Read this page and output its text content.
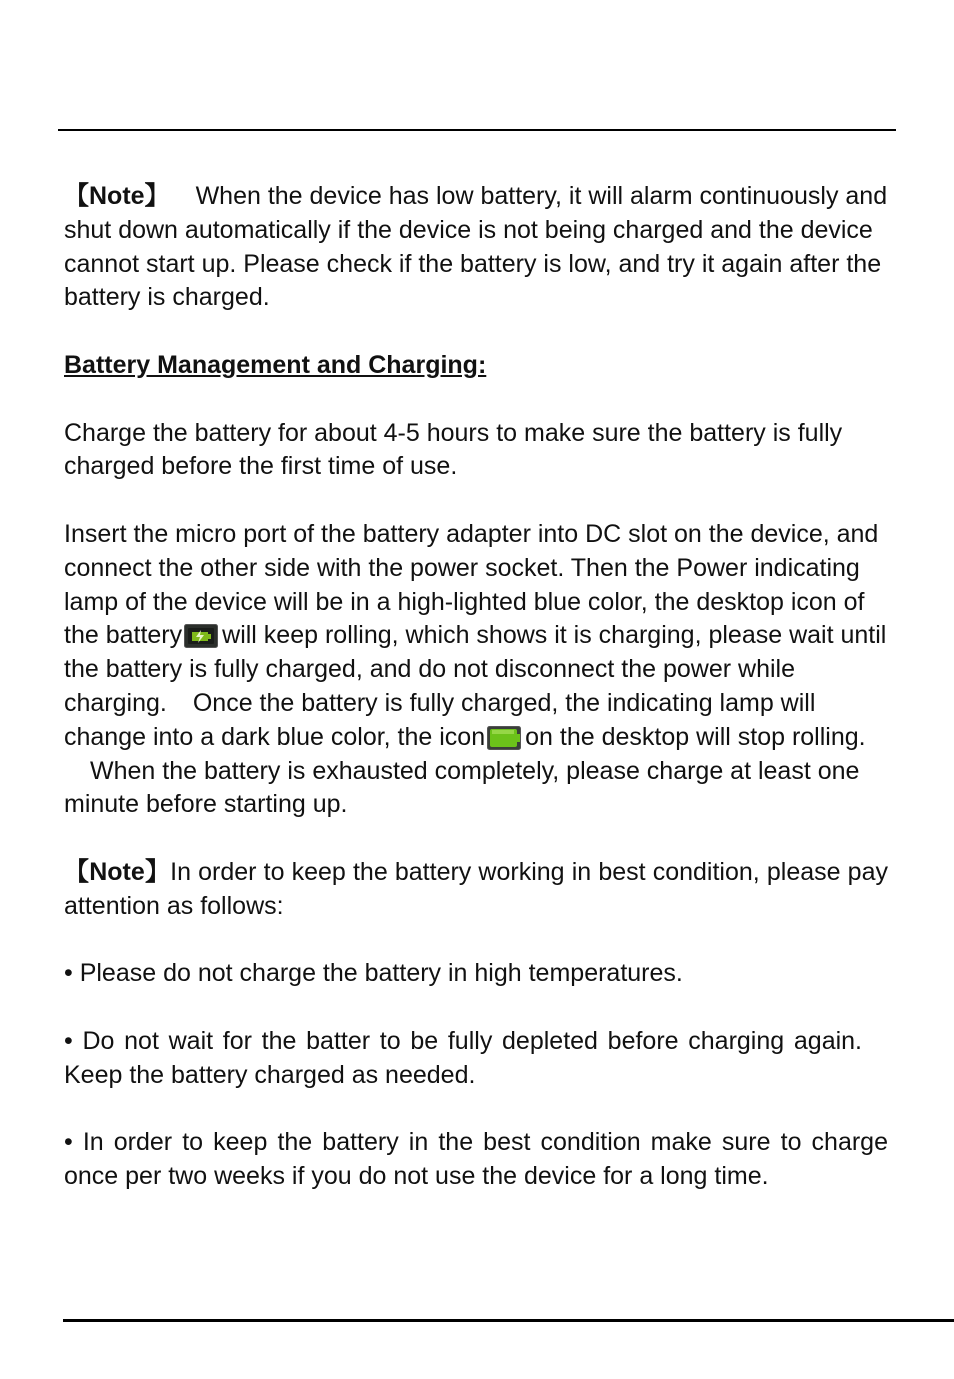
【Note】 When the device has low battery, it will alarm continuously and shut down automatically if the device is not being charged and the device cannot start up. Please check if the battery is low, and try it again after the battery is charged.

Battery Management and Charging:

Charge the battery for about 4-5 hours to make sure the battery is fully charged before the first time of use.

Insert the micro port of the battery adapter into DC slot on the device, and connect the other side with the power socket. Then the Power indicating lamp of the device will be in a high-lighted blue color, the desktop icon of the battery will keep rolling, which shows it is charging, please wait until the battery is fully charged, and do not disconnect the power while charging. Once the battery is fully charged, the indicating lamp will change into a dark blue color, the icon on the desktop will stop rolling.When the battery is exhausted completely, please charge at least one minute before starting up.

【Note】In order to keep the battery working in best condition, please pay attention as follows:

• Please do not charge the battery in high temperatures.

• Do not wait for the batter to be fully depleted before charging again.Keep the battery charged as needed.

• In order to keep the battery in the best condition make sure to charge once per two weeks if you do not use the device for a long time.
